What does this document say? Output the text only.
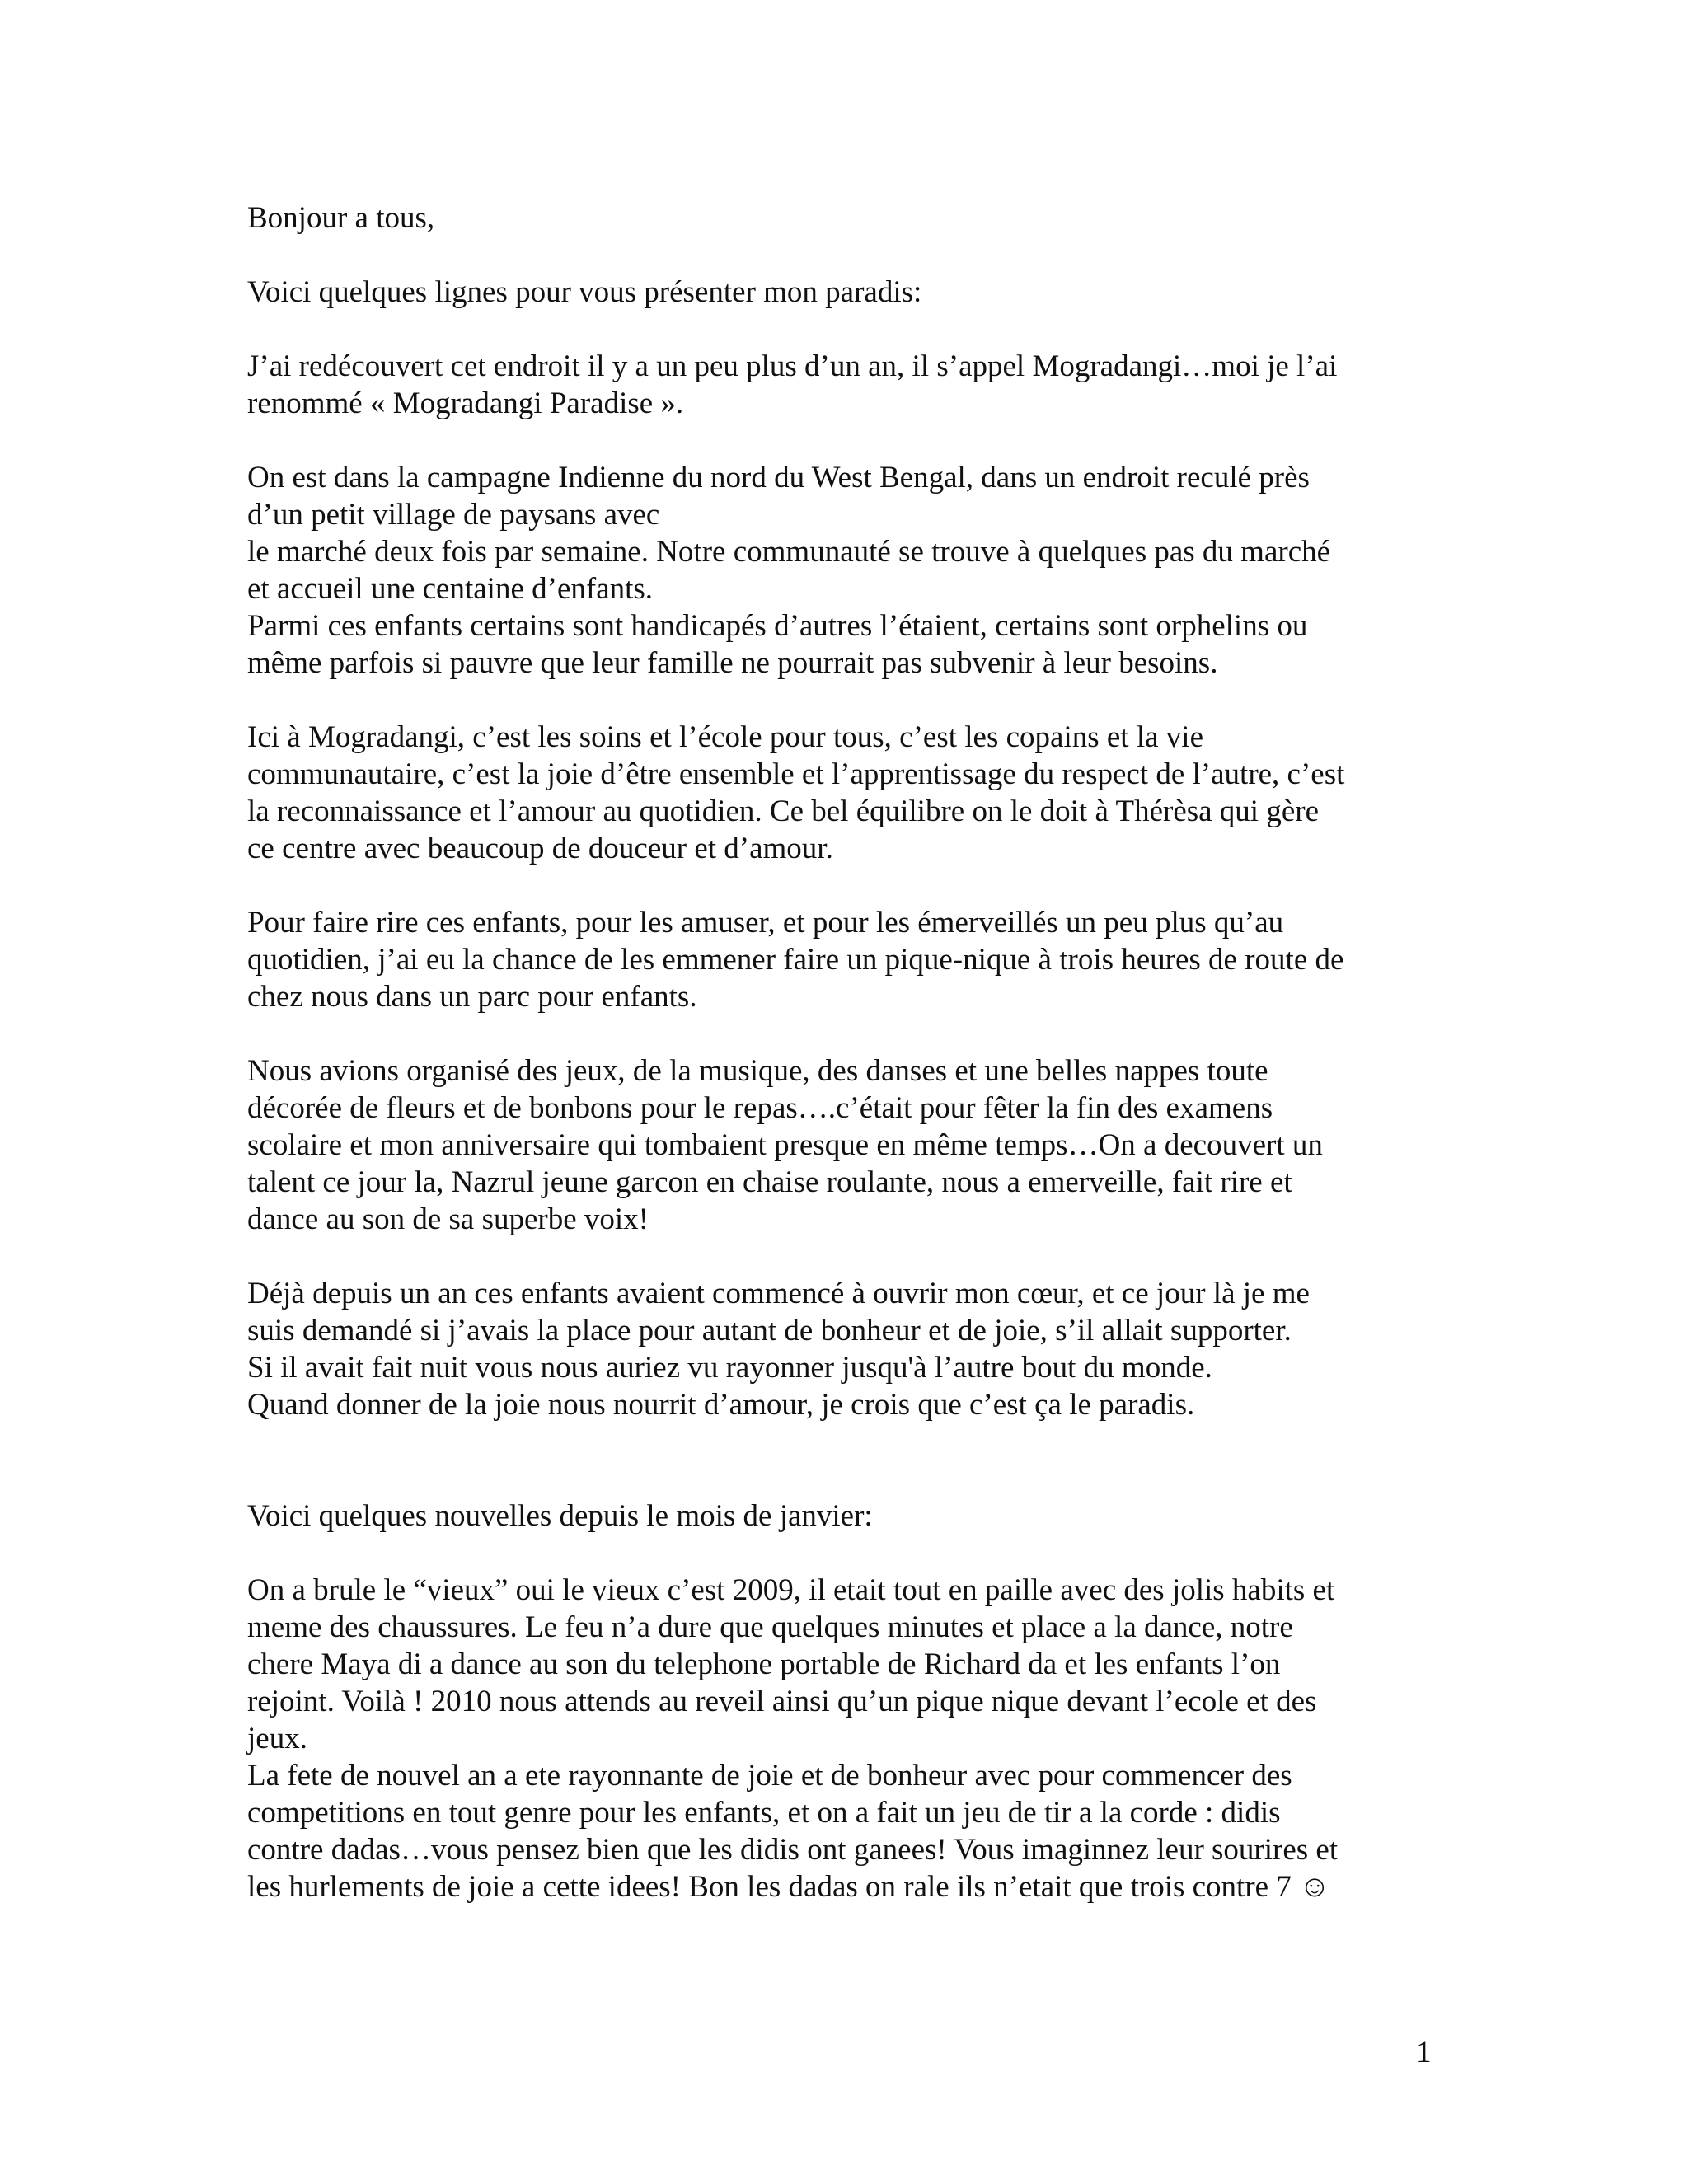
Bonjour a tous,

Voici quelques lignes pour vous présenter mon paradis:

J’ai redécouvert cet endroit il y a un peu plus d’un an, il s’appel Mogradangi…moi je l’ai
renommé « Mogradangi Paradise ».

On est dans la campagne Indienne du nord du West Bengal, dans un endroit reculé près
d’un petit village de paysans avec
le marché deux fois par semaine. Notre communauté se trouve à quelques pas du marché
et accueil une centaine d’enfants.
Parmi ces enfants certains sont handicapés d’autres l’étaient, certains sont orphelins ou
même parfois si pauvre que leur famille ne pourrait pas subvenir à leur besoins.

Ici à Mogradangi, c’est les soins et l’école pour tous, c’est les copains et la vie
communautaire, c’est la joie d’être ensemble et l’apprentissage du respect de l’autre, c’est
la reconnaissance et l’amour au quotidien. Ce bel équilibre on le doit à Thérèsa qui gère
ce centre avec beaucoup de douceur et d’amour.

Pour faire rire ces enfants, pour les amuser, et pour les émerveillés un peu plus qu’au
quotidien, j’ai eu la chance de les emmener faire un pique-nique à trois heures de route de
chez nous dans un parc pour enfants.

Nous avions organisé des jeux, de la musique, des danses et une belles nappes toute
décorée de fleurs et de bonbons pour le repas….c’était pour fêter la fin des examens
scolaire et mon anniversaire qui tombaient presque en même temps…On a decouvert un
talent ce jour la, Nazrul jeune garcon en chaise roulante, nous a emerveille, fait rire et
dance au son de sa superbe voix!

Déjà depuis un an ces enfants avaient commencé à ouvrir mon cœur, et ce jour là je me
suis demandé si j’avais la place pour autant de bonheur et de joie, s’il allait supporter.
Si il avait fait nuit vous nous auriez vu rayonner jusqu'à l’autre bout du monde.
Quand donner de la joie nous nourrit d’amour, je crois que c’est ça le paradis.

Voici quelques nouvelles depuis le mois de janvier:

On a brule le “vieux” oui le vieux c’est 2009, il etait tout en paille avec des jolis habits et
meme des chaussures. Le feu n’a dure que quelques minutes et place a la dance, notre
chere Maya di a dance au son du telephone portable de Richard da et les enfants l’on
rejoint. Voilà ! 2010 nous attends au reveil ainsi qu’un pique nique devant l’ecole et des
jeux.
La fete de nouvel an a ete rayonnante de joie et de bonheur avec pour commencer des
competitions en tout genre pour les enfants, et on a fait un jeu de tir a la corde : didis
contre dadas…vous pensez bien que les didis ont ganees! Vous imaginnez leur sourires et
les hurlements de joie a cette idees! Bon les dadas on rale ils n’etait que trois contre 7 ☺

1
